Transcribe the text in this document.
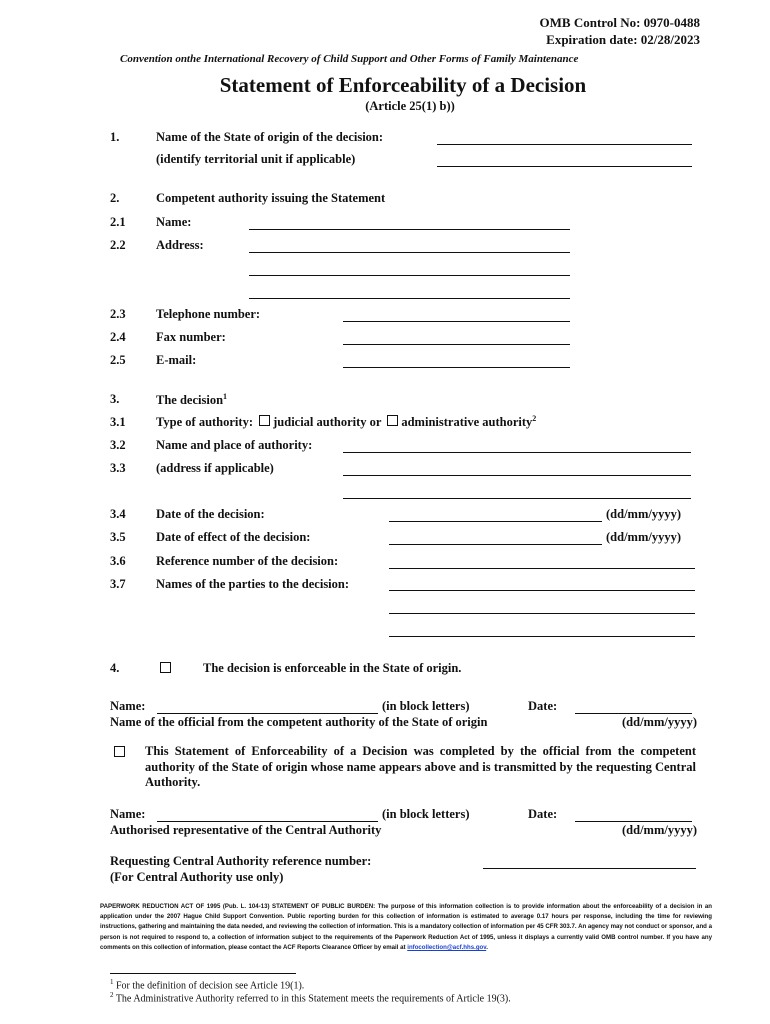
OMB Control No: 0970-0488
Expiration date: 02/28/2023
Convention onthe International Recovery of Child Support and Other Forms of Family Maintenance
Statement of Enforceability of a Decision
(Article 25(1) b))
1.	Name of the State of origin of the decision:
(identify territorial unit if applicable)
2.	Competent authority issuing the Statement
2.1 Name:
2.2 Address:
2.3 Telephone number:
2.4 Fax number:
2.5 E-mail:
3.	The decision$^1$
3.1 Type of authority: judicial authority or administrative authority$^2$
3.2 Name and place of authority:
3.3 (address if applicable)
3.4 Date of the decision:	(dd/mm/yyyy)
3.5 Date of effect of the decision:	(dd/mm/yyyy)
3.6 Reference number of the decision:
3.7 Names of the parties to the decision:
4.	The decision is enforceable in the State of origin.
Name:	(in block letters)	Date:
Name of the official from the competent authority of the State of origin	(dd/mm/yyyy)
This Statement of Enforceability of a Decision was completed by the official from the competent authority of the State of origin whose name appears above and is transmitted by the requesting Central Authority.
Name:	(in block letters)	Date:
Authorised representative of the Central Authority	(dd/mm/yyyy)
Requesting Central Authority reference number:
(For Central Authority use only)
PAPERWORK REDUCTION ACT OF 1995 (Pub. L. 104-13) STATEMENT OF PUBLIC BURDEN: The purpose of this information collection is to provide information about the enforceability of a decision in an application under the 2007 Hague Child Support Convention. Public reporting burden for this collection of information is estimated to average 0.17 hours per response, including the time for reviewing instructions, gathering and maintaining the data needed, and reviewing the collection of information. This is a mandatory collection of information per 45 CFR 303.7. An agency may not conduct or sponsor, and a person is not required to respond to, a collection of information subject to the requirements of the Paperwork Reduction Act of 1995, unless it displays a currently valid OMB control number. If you have any comments on this collection of information, please contact the ACF Reports Clearance Officer by email at infocollection@acf.hhs.gov.
$^1$ For the definition of decision see Article 19(1).
$^2$ The Administrative Authority referred to in this Statement meets the requirements of Article 19(3).
